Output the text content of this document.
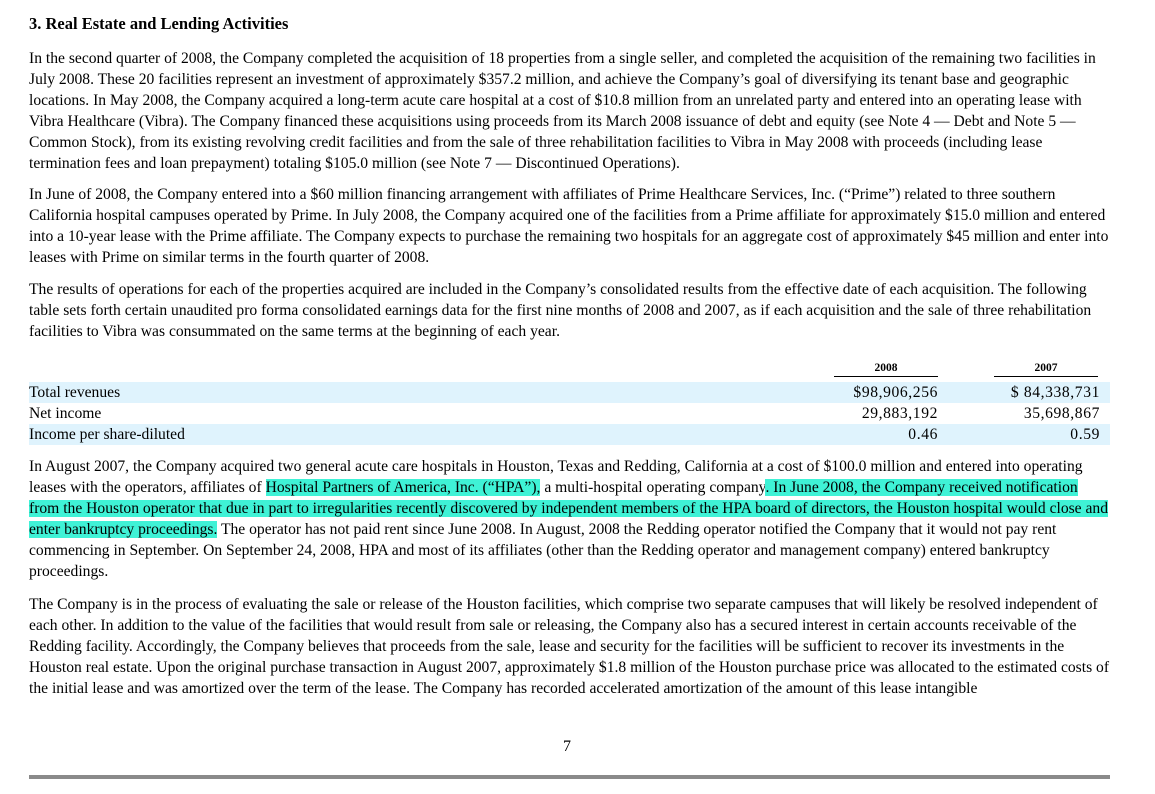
3. Real Estate and Lending Activities
In the second quarter of 2008, the Company completed the acquisition of 18 properties from a single seller, and completed the acquisition of the remaining two facilities in July 2008. These 20 facilities represent an investment of approximately $357.2 million, and achieve the Company’s goal of diversifying its tenant base and geographic locations. In May 2008, the Company acquired a long-term acute care hospital at a cost of $10.8 million from an unrelated party and entered into an operating lease with Vibra Healthcare (Vibra). The Company financed these acquisitions using proceeds from its March 2008 issuance of debt and equity (see Note 4 — Debt and Note 5 — Common Stock), from its existing revolving credit facilities and from the sale of three rehabilitation facilities to Vibra in May 2008 with proceeds (including lease termination fees and loan prepayment) totaling $105.0 million (see Note 7 — Discontinued Operations).
In June of 2008, the Company entered into a $60 million financing arrangement with affiliates of Prime Healthcare Services, Inc. (“Prime”) related to three southern California hospital campuses operated by Prime. In July 2008, the Company acquired one of the facilities from a Prime affiliate for approximately $15.0 million and entered into a 10-year lease with the Prime affiliate. The Company expects to purchase the remaining two hospitals for an aggregate cost of approximately $45 million and enter into leases with Prime on similar terms in the fourth quarter of 2008.
The results of operations for each of the properties acquired are included in the Company’s consolidated results from the effective date of each acquisition. The following table sets forth certain unaudited pro forma consolidated earnings data for the first nine months of 2008 and 2007, as if each acquisition and the sale of three rehabilitation facilities to Vibra was consummated on the same terms at the beginning of each year.
2008	2007
Total revenues	$98,906,256	$ 84,338,731
Net income	29,883,192	35,698,867
Income per share-diluted	0.46	0.59
In August 2007, the Company acquired two general acute care hospitals in Houston, Texas and Redding, California at a cost of $100.0 million and entered into operating leases with the operators, affiliates of Hospital Partners of America, Inc. (“HPA”), a multi-hospital operating company. In June 2008, the Company received notification from the Houston operator that due in part to irregularities recently discovered by independent members of the HPA board of directors, the Houston hospital would close and enter bankruptcy proceedings. The operator has not paid rent since June 2008. In August, 2008 the Redding operator notified the Company that it would not pay rent commencing in September. On September 24, 2008, HPA and most of its affiliates (other than the Redding operator and management company) entered bankruptcy proceedings.
The Company is in the process of evaluating the sale or release of the Houston facilities, which comprise two separate campuses that will likely be resolved independent of each other. In addition to the value of the facilities that would result from sale or releasing, the Company also has a secured interest in certain accounts receivable of the Redding facility. Accordingly, the Company believes that proceeds from the sale, lease and security for the facilities will be sufficient to recover its investments in the Houston real estate. Upon the original purchase transaction in August 2007, approximately $1.8 million of the Houston purchase price was allocated to the estimated costs of the initial lease and was amortized over the term of the lease. The Company has recorded accelerated amortization of the amount of this lease intangible
7
